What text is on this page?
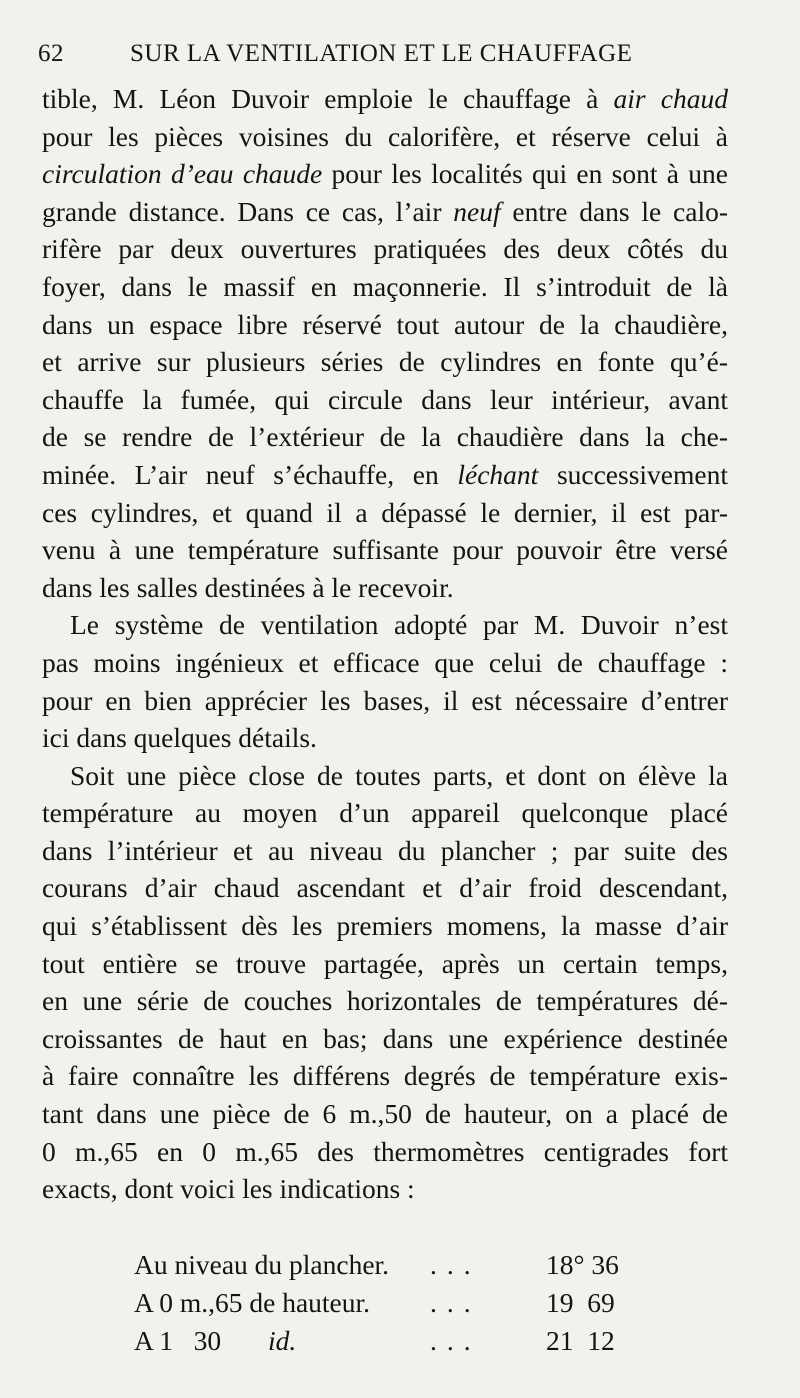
62	SUR LA VENTILATION ET LE CHAUFFAGE
tible, M. Léon Duvoir emploie le chauffage à air chaud
pour les pièces voisines du calorifère, et réserve celui à
circulation d’eau chaude pour les localités qui en sont à une
grande distance. Dans ce cas, l’air neuf entre dans le calo-
rifère par deux ouvertures pratiquées des deux côtés du
foyer, dans le massif en maçonnerie. Il s’introduit de là
dans un espace libre réservé tout autour de la chaudière,
et arrive sur plusieurs séries de cylindres en fonte qu’é-
chauffe la fumée, qui circule dans leur intérieur, avant
de se rendre de l’extérieur de la chaudière dans la che-
minée. L’air neuf s’échauffe, en léchant successivement
ces cylindres, et quand il a dépassé le dernier, il est par-
venu à une température suffisante pour pouvoir être versé
dans les salles destinées à le recevoir.
Le système de ventilation adopté par M. Duvoir n’est
pas moins ingénieux et efficace que celui de chauffage :
pour en bien apprécier les bases, il est nécessaire d’entrer
ici dans quelques détails.
Soit une pièce close de toutes parts, et dont on élève la
température au moyen d’un appareil quelconque placé
dans l’intérieur et au niveau du plancher ; par suite des
courans d’air chaud ascendant et d’air froid descendant,
qui s’établissent dès les premiers momens, la masse d’air
tout entière se trouve partagée, après un certain temps,
en une série de couches horizontales de températures dé-
croissantes de haut en bas; dans une expérience destinée
à faire connaître les différens degrés de température exis-
tant dans une pièce de 6 m.,50 de hauteur, on a placé de
0 m.,65 en 0 m.,65 des thermomètres centigrades fort
exacts, dont voici les indications :
Au niveau du plancher. ... 18° 36
A 0 m.,65 de hauteur. ... 19  69
A 1   30 id.	... 21  12
